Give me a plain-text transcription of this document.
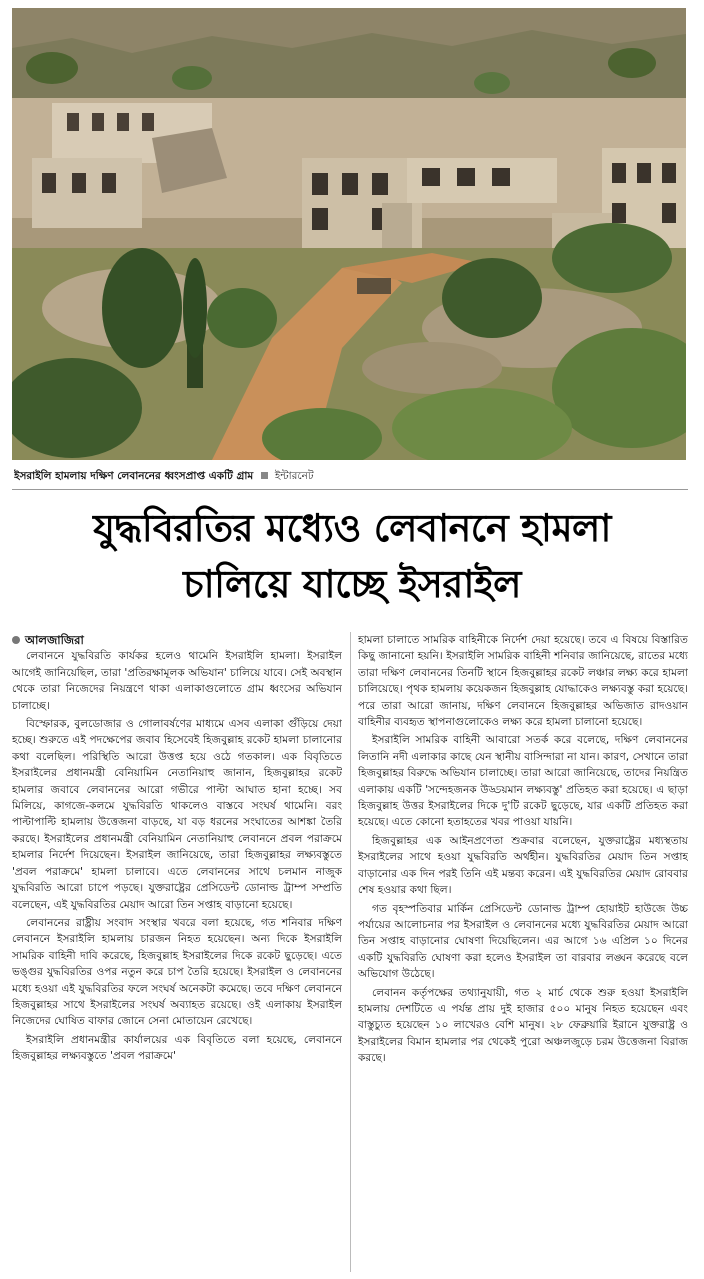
ইসরাইলি হামলায় দক্ষিণ লেবাননের ধ্বংসপ্রাপ্ত একটি গ্রাম ইন্টারনেট
যুদ্ধবিরতির মধ্যেও লেবাননে হামলা
চালিয়ে যাচ্ছে ইসরাইল
আলজাজিরা

লেবাননে যুদ্ধবিরতি কার্যকর হলেও থামেনি ইসরাইলি হামলা। ইসরাইল আগেই জানিয়েছিল, তারা 'প্রতিরক্ষামূলক অভিযান' চালিয়ে যাবে। সেই অবস্থান থেকে তারা নিজেদের নিয়ন্ত্রণে থাকা এলাকাগুলোতে গ্রাম ধ্বংসের অভিযান চালাচ্ছে।

বিস্ফোরক, বুলডোজার ও গোলাবর্ষণের মাধ্যমে এসব এলাকা গুঁড়িয়ে দেয়া হচ্ছে। শুরুতে এই পদক্ষেপের জবাব হিসেবেই হিজবুল্লাহ রকেট হামলা চালানোর কথা বলেছিল। পরিস্থিতি আরো উত্তপ্ত হয়ে ওঠে গতকাল। এক বিবৃতিতে ইসরাইলের প্রধানমন্ত্রী বেনিয়ামিন নেতানিয়াহু জানান, হিজবুল্লাহর রকেট হামলার জবাবে লেবাননের আরো গভীরে পাল্টা আঘাত হানা হচ্ছে। সব মিলিয়ে, কাগজে-কলমে যুদ্ধবিরতি থাকলেও বাস্তবে সংঘর্ষ থামেনি। বরং পাল্টাপাল্টি হামলায় উত্তেজনা বাড়ছে, যা বড় ধরনের সংঘাতের আশঙ্কা তৈরি করছে। ইসরাইলের প্রধানমন্ত্রী বেনিয়ামিন নেতানিয়াহু লেবাননে প্রবল পরাক্রমে হামলার নির্দেশ দিয়েছেন। ইসরাইল জানিয়েছে, তারা হিজবুল্লাহর লক্ষ্যবস্তুতে 'প্রবল পরাক্রমে' হামলা চালাবে। এতে লেবাননের সাথে চলমান নাজুক যুদ্ধবিরতি আরো চাপে পড়ছে। যুক্তরাষ্ট্রের প্রেসিডেন্ট ডোনাল্ড ট্রাম্প সম্প্রতি বলেছেন, এই যুদ্ধবিরতির মেয়াদ আরো তিন সপ্তাহ বাড়ানো হয়েছে।

লেবাননের রাষ্ট্রীয় সংবাদ সংস্থার খবরে বলা হয়েছে, গত শনিবার দক্ষিণ লেবাননে ইসরাইলি হামলায় চারজন নিহত হয়েছেন। অন্য দিকে ইসরাইলি সামরিক বাহিনী দাবি করেছে, হিজবুল্লাহ ইসরাইলের দিকে রকেট ছুড়েছে। এতে ভঙ্গুর যুদ্ধবিরতির ওপর নতুন করে চাপ তৈরি হয়েছে। ইসরাইল ও লেবাননের মধ্যে হওয়া এই যুদ্ধবিরতির ফলে সংঘর্ষ অনেকটা কমেছে। তবে দক্ষিণ লেবাননে হিজবুল্লাহর সাথে ইসরাইলের সংঘর্ষ অব্যাহত রয়েছে। ওই এলাকায় ইসরাইল নিজেদের ঘোষিত বাফার জোনে সেনা মোতায়েন রেখেছে।

ইসরাইলি প্রধানমন্ত্রীর কার্যালয়ের এক বিবৃতিতে বলা হয়েছে, লেবাননে হিজবুল্লাহর লক্ষ্যবস্তুতে 'প্রবল পরাক্রমে'

হামলা চালাতে সামরিক বাহিনীকে নির্দেশ দেয়া হয়েছে। তবে এ বিষয়ে বিস্তারিত কিছু জানানো হয়নি। ইসরাইলি সামরিক বাহিনী শনিবার জানিয়েছে, রাতের মধ্যে তারা দক্ষিণ লেবাননের তিনটি স্থানে হিজবুল্লাহর রকেট লঞ্চার লক্ষ্য করে হামলা চালিয়েছে। পৃথক হামলায় কয়েকজন হিজবুল্লাহ যোদ্ধাকেও লক্ষ্যবস্তু করা হয়েছে। পরে তারা আরো জানায়, দক্ষিণ লেবাননে হিজবুল্লাহর অভিজাত রাদওয়ান বাহিনীর ব্যবহৃত স্থাপনাগুলোকেও লক্ষ্য করে হামলা চালানো হয়েছে।

ইসরাইলি সামরিক বাহিনী আবারো সতর্ক করে বলেছে, দক্ষিণ লেবাননের লিতানি নদী এলাকার কাছে যেন স্থানীয় বাসিন্দারা না যান। কারণ, সেখানে তারা হিজবুল্লাহর বিরুদ্ধে অভিযান চালাচ্ছে। তারা আরো জানিয়েছে, তাদের নিয়ন্ত্রিত এলাকায় একটি 'সন্দেহজনক উড্ডয়মান লক্ষ্যবস্তু' প্রতিহত করা হয়েছে। এ ছাড়া হিজবুল্লাহ উত্তর ইসরাইলের দিকে দু'টি রকেট ছুড়েছে, যার একটি প্রতিহত করা হয়েছে। এতে কোনো হতাহতের খবর পাওয়া যায়নি।

হিজবুল্লাহর এক আইনপ্রণেতা শুক্রবার বলেছেন, যুক্তরাষ্ট্রের মধ্যস্থতায় ইসরাইলের সাথে হওয়া যুদ্ধবিরতি অর্থহীন। যুদ্ধবিরতির মেয়াদ তিন সপ্তাহ বাড়ানোর এক দিন পরই তিনি এই মন্তব্য করেন। এই যুদ্ধবিরতির মেয়াদ রোববার শেষ হওয়ার কথা ছিল।

গত বৃহস্পতিবার মার্কিন প্রেসিডেন্ট ডোনাল্ড ট্রাম্প হোয়াইট হাউজে উচ্চ পর্যায়ের আলোচনার পর ইসরাইল ও লেবাননের মধ্যে যুদ্ধবিরতির মেয়াদ আরো তিন সপ্তাহ বাড়ানোর ঘোষণা দিয়েছিলেন। এর আগে ১৬ এপ্রিল ১০ দিনের একটি যুদ্ধবিরতি ঘোষণা করা হলেও ইসরাইল তা বারবার লঙ্ঘন করেছে বলে অভিযোগ উঠেছে।

লেবানন কর্তৃপক্ষের তথ্যানুযায়ী, গত ২ মার্চ থেকে শুরু হওয়া ইসরাইলি হামলায় দেশটিতে এ পর্যন্ত প্রায় দুই হাজার ৫০০ মানুষ নিহত হয়েছেন এবং বাস্তুচ্যুত হয়েছেন ১০ লাখেরও বেশি মানুষ। ২৮ ফেব্রুয়ারি ইরানে যুক্তরাষ্ট্র ও ইসরাইলের বিমান হামলার পর থেকেই পুরো অঞ্চলজুড়ে চরম উত্তেজনা বিরাজ করছে।
